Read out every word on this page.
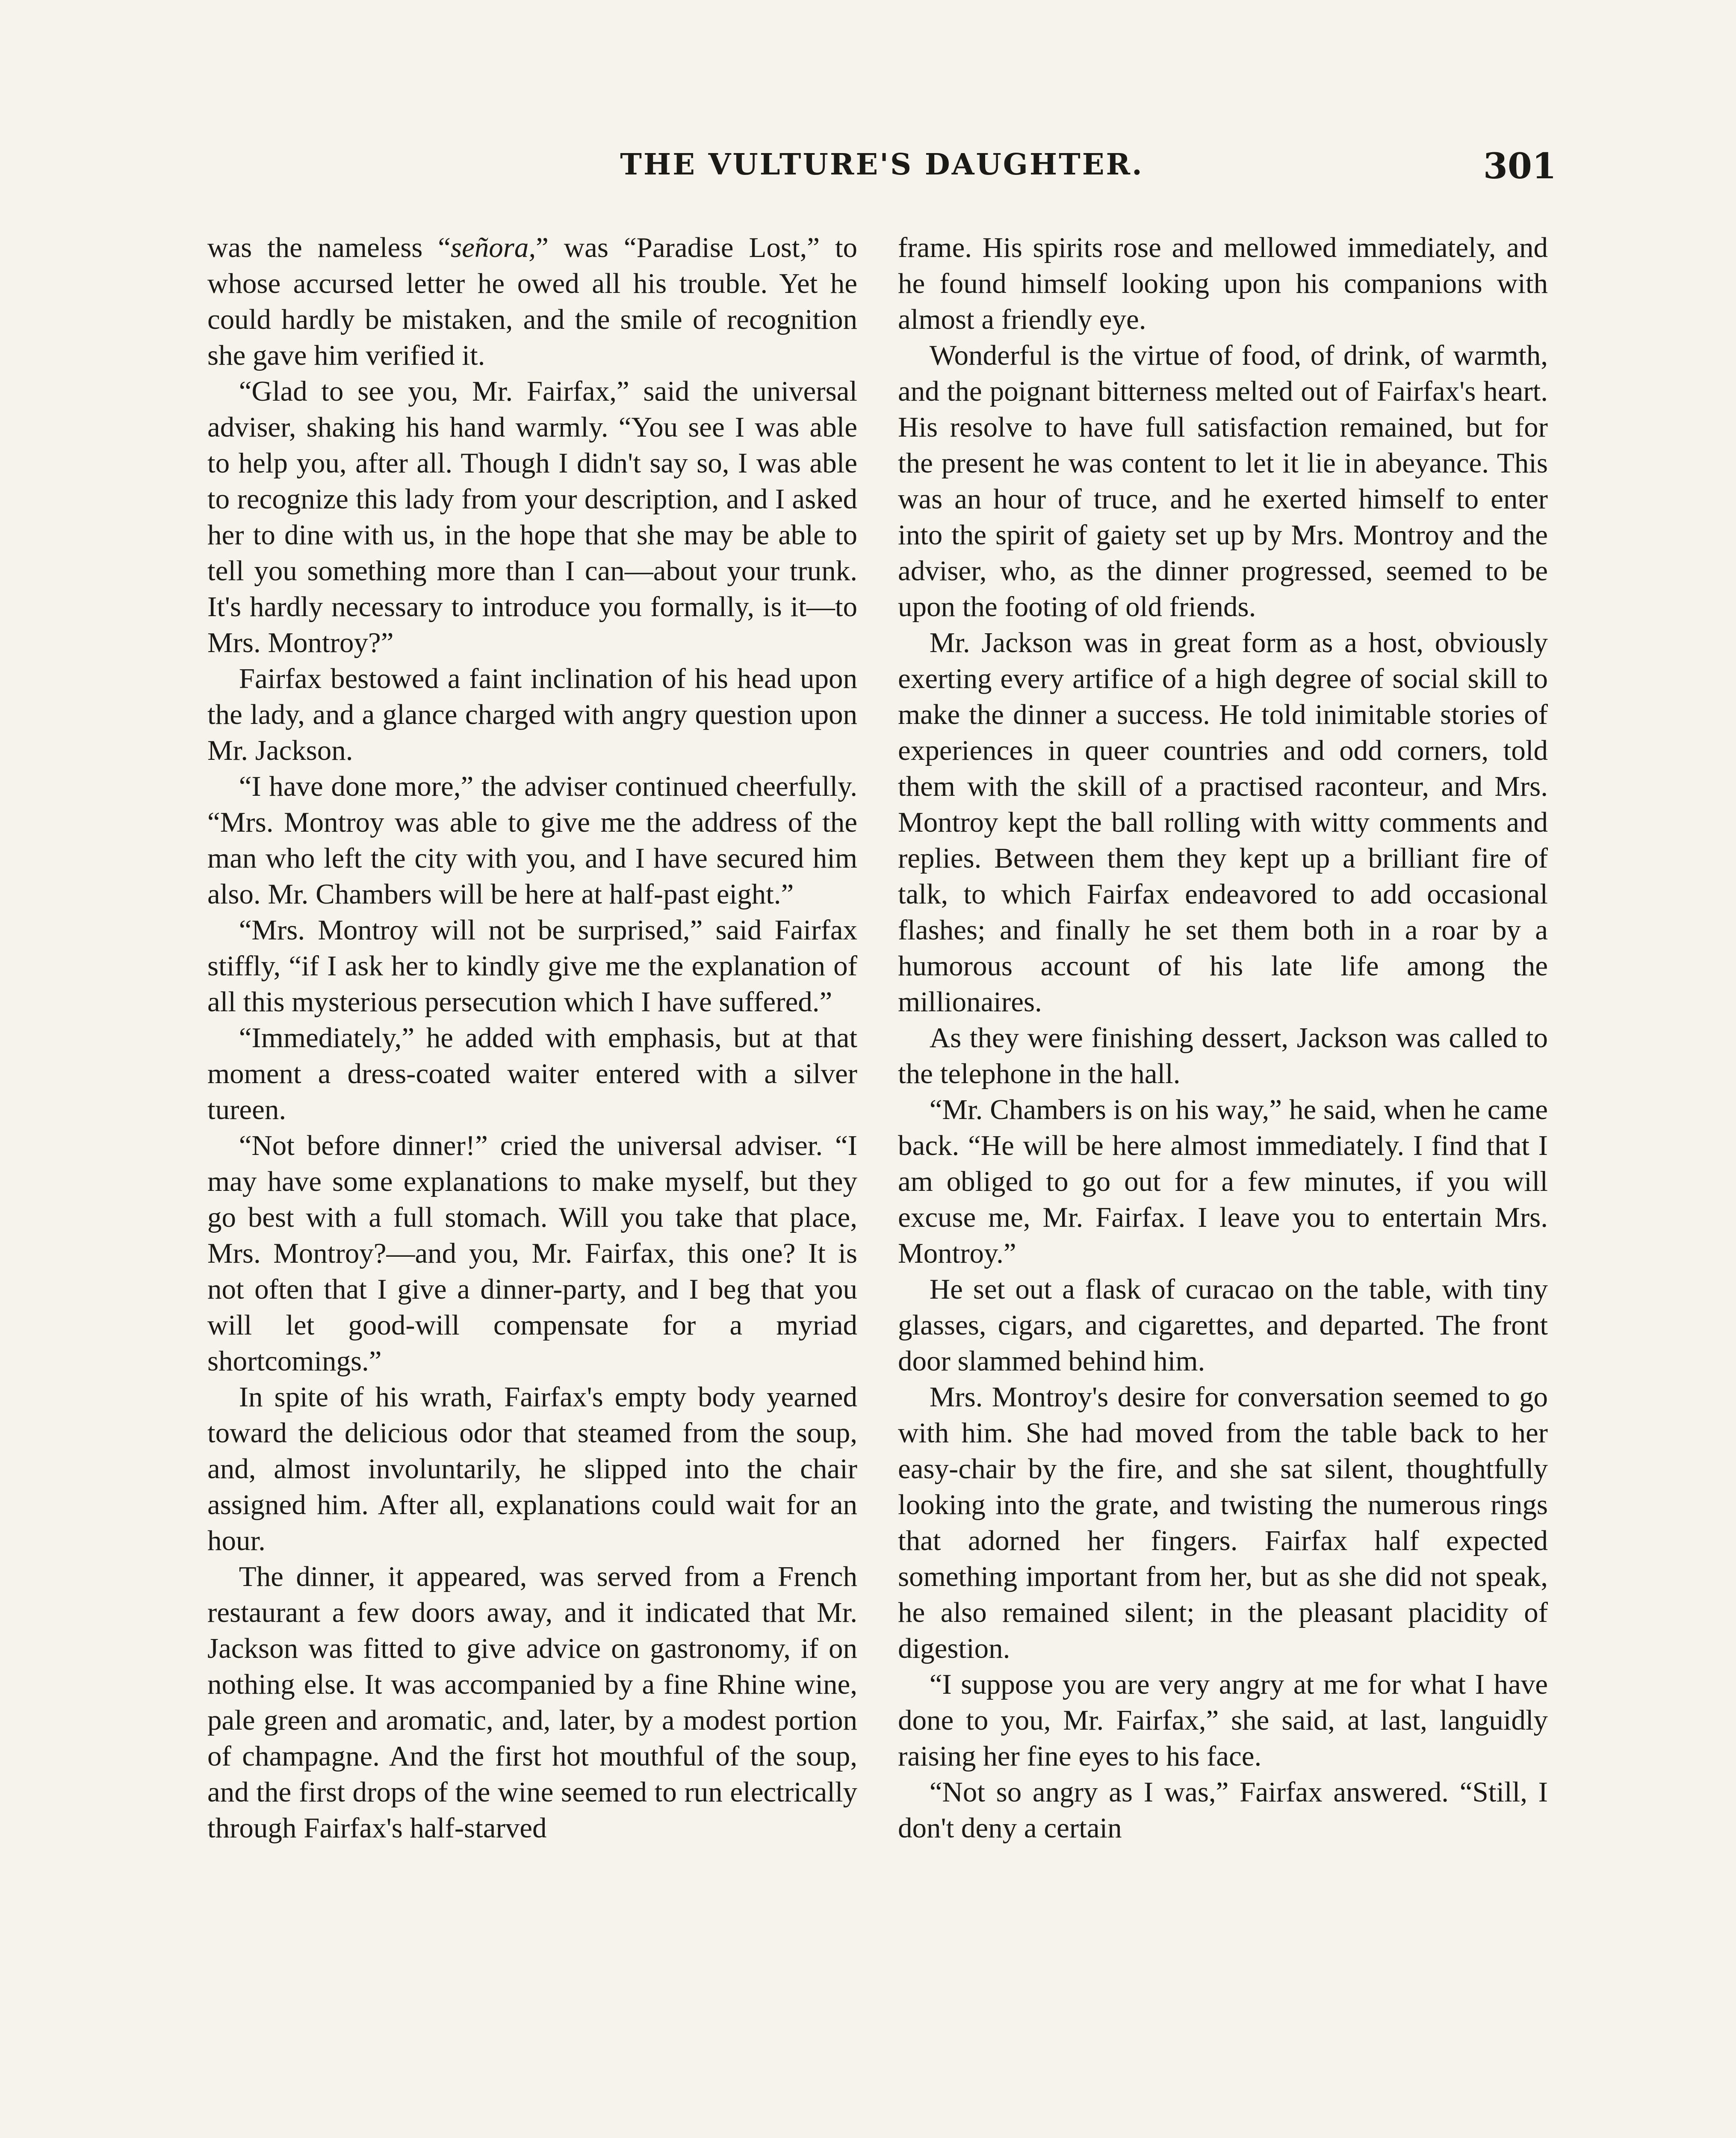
THE VULTURE'S DAUGHTER.	301

was the nameless “señora,” was “Paradise Lost,” to whose accursed letter he owed all his trouble. Yet he could hardly be mistaken, and the smile of recognition she gave him verified it.

“Glad to see you, Mr. Fairfax,” said the universal adviser, shaking his hand warmly. “You see I was able to help you, after all. Though I didn't say so, I was able to recognize this lady from your description, and I asked her to dine with us, in the hope that she may be able to tell you something more than I can—about your trunk. It's hardly necessary to introduce you formally, is it—to Mrs. Montroy?”

Fairfax bestowed a faint inclination of his head upon the lady, and a glance charged with angry question upon Mr. Jackson.

“I have done more,” the adviser continued cheerfully. “Mrs. Montroy was able to give me the address of the man who left the city with you, and I have secured him also. Mr. Chambers will be here at half-past eight.”

“Mrs. Montroy will not be surprised,” said Fairfax stiffly, “if I ask her to kindly give me the explanation of all this mysterious persecution which I have suffered.”

“Immediately,” he added with emphasis, but at that moment a dress-coated waiter entered with a silver tureen.

“Not before dinner!” cried the universal adviser. “I may have some explanations to make myself, but they go best with a full stomach. Will you take that place, Mrs. Montroy?—and you, Mr. Fairfax, this one? It is not often that I give a dinner-party, and I beg that you will let good-will compensate for a myriad shortcomings.”

In spite of his wrath, Fairfax's empty body yearned toward the delicious odor that steamed from the soup, and, almost involuntarily, he slipped into the chair assigned him. After all, explanations could wait for an hour.

The dinner, it appeared, was served from a French restaurant a few doors away, and it indicated that Mr. Jackson was fitted to give advice on gastronomy, if on nothing else. It was accompanied by a fine Rhine wine, pale green and aromatic, and, later, by a modest portion of champagne. And the first hot mouthful of the soup, and the first drops of the wine seemed to run electrically through Fairfax's half-starved

frame. His spirits rose and mellowed immediately, and he found himself looking upon his companions with almost a friendly eye.

Wonderful is the virtue of food, of drink, of warmth, and the poignant bitterness melted out of Fairfax's heart. His resolve to have full satisfaction remained, but for the present he was content to let it lie in abeyance. This was an hour of truce, and he exerted himself to enter into the spirit of gaiety set up by Mrs. Montroy and the adviser, who, as the dinner progressed, seemed to be upon the footing of old friends.

Mr. Jackson was in great form as a host, obviously exerting every artifice of a high degree of social skill to make the dinner a success. He told inimitable stories of experiences in queer countries and odd corners, told them with the skill of a practised raconteur, and Mrs. Montroy kept the ball rolling with witty comments and replies. Between them they kept up a brilliant fire of talk, to which Fairfax endeavored to add occasional flashes; and finally he set them both in a roar by a humorous account of his late life among the millionaires.

As they were finishing dessert, Jackson was called to the telephone in the hall.

“Mr. Chambers is on his way,” he said, when he came back. “He will be here almost immediately. I find that I am obliged to go out for a few minutes, if you will excuse me, Mr. Fairfax. I leave you to entertain Mrs. Montroy.”

He set out a flask of curacao on the table, with tiny glasses, cigars, and cigarettes, and departed. The front door slammed behind him.

Mrs. Montroy's desire for conversation seemed to go with him. She had moved from the table back to her easy-chair by the fire, and she sat silent, thoughtfully looking into the grate, and twisting the numerous rings that adorned her fingers. Fairfax half expected something important from her, but as she did not speak, he also remained silent; in the pleasant placidity of digestion.

“I suppose you are very angry at me for what I have done to you, Mr. Fairfax,” she said, at last, languidly raising her fine eyes to his face.

“Not so angry as I was,” Fairfax answered. “Still, I don't deny a certain
